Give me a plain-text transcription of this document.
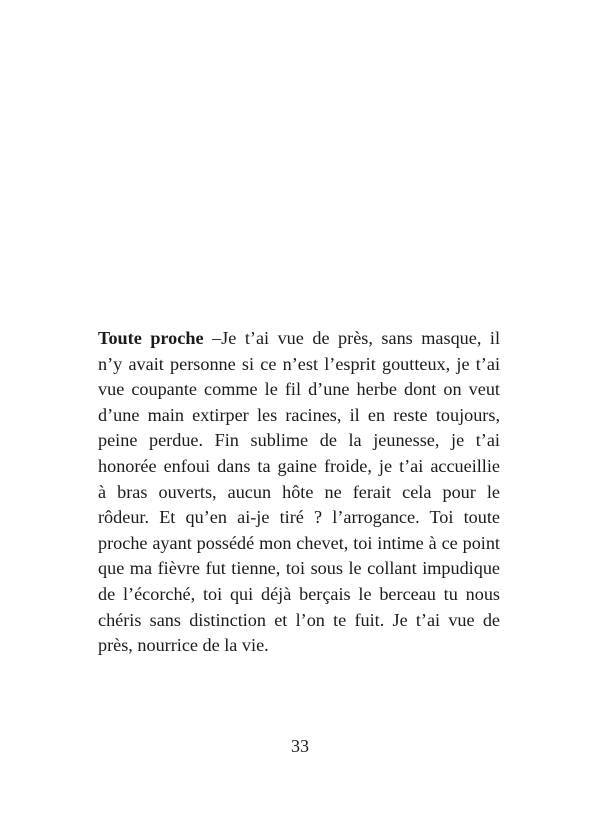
Toute proche –Je t’ai vue de près, sans masque, il
n’y avait personne si ce n’est l’esprit goutteux, je t’ai
vue coupante comme le fil d’une herbe dont on veut
d’une main extirper les racines, il en reste toujours,
peine perdue. Fin sublime de la jeunesse, je t’ai
honorée enfoui dans ta gaine froide, je t’ai accueillie
à bras ouverts, aucun hôte ne ferait cela pour le
rôdeur. Et qu’en ai-je tiré ? l’arrogance. Toi toute
proche ayant possédé mon chevet, toi intime à ce point
que ma fièvre fut tienne, toi sous le collant impudique
de l’écorché, toi qui déjà berçais le berceau tu nous
chéris sans distinction et l’on te fuit. Je t’ai vue de
près, nourrice de la vie.
33
